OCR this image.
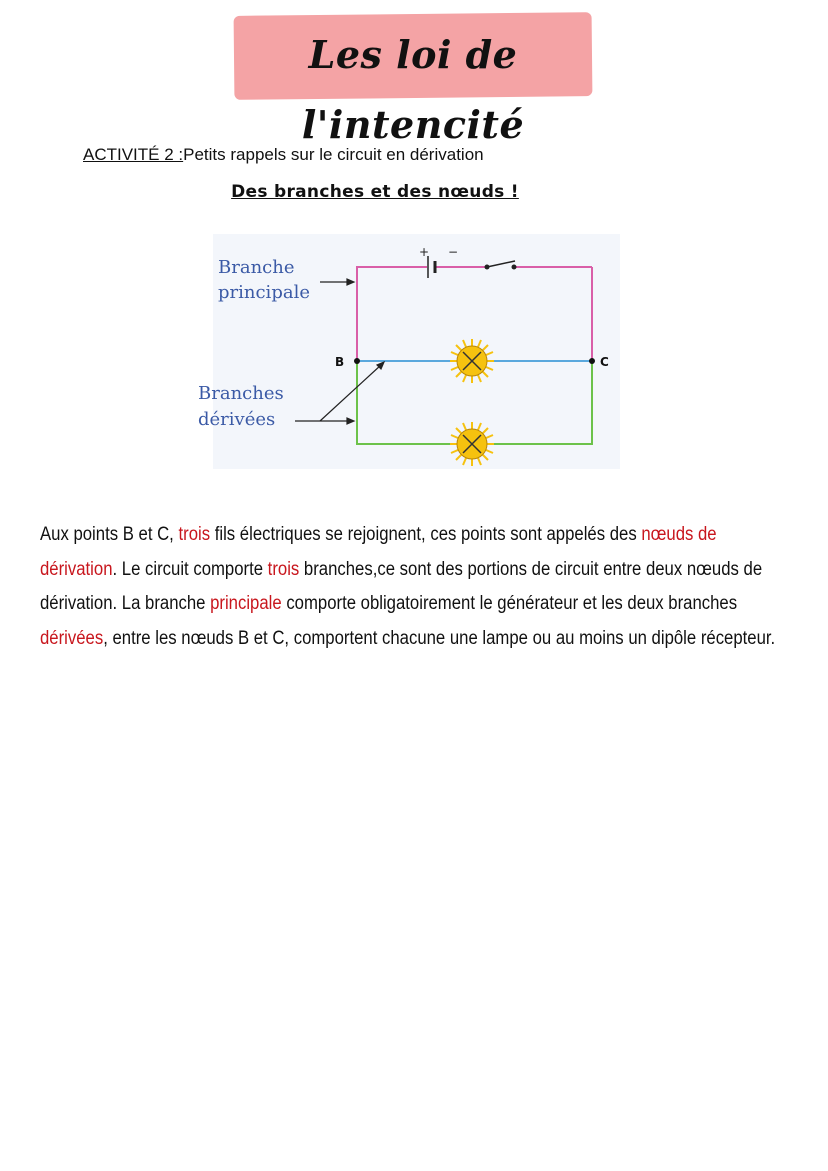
Les loi de l'intencité
ACTIVITÉ 2 :Petits rappels sur le circuit en dérivation
Des branches et des nœuds !
+ −
B	C
Branche
principale
Branches
dérivées
Aux points B et C, trois fils électriques se rejoignent, ces points sont appelés des nœuds de dérivation. Le circuit comporte trois branches,ce sont des portions de circuit entre deux nœuds de dérivation. La branche principale comporte obligatoirement le générateur et les deux branches dérivées, entre les nœuds B et C, comportent chacune une lampe ou au moins un dipôle récepteur.
